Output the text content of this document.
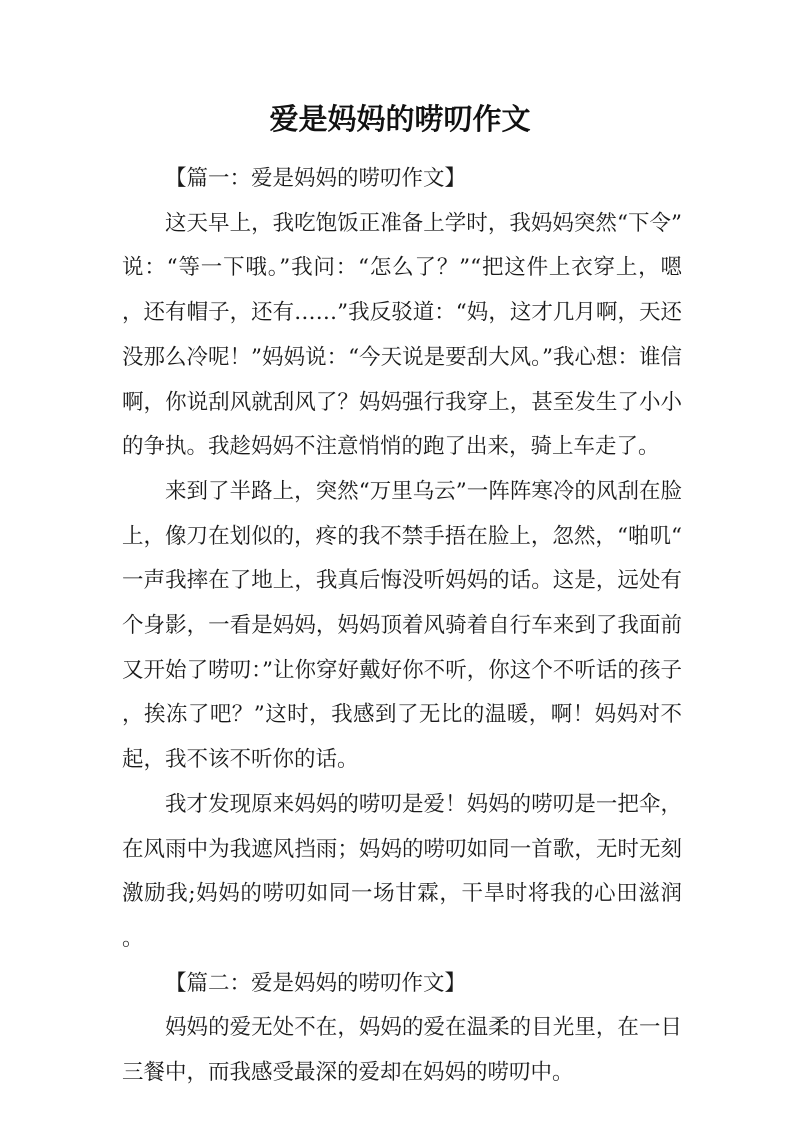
爱是妈妈的唠叨作文

【篇一：爱是妈妈的唠叨作文】

这天早上，我吃饱饭正准备上学时，我妈妈突然“下令”说：“等一下哦。”我问：“怎么了？”“把这件上衣穿上，嗯，还有帽子，还有……”我反驳道：“妈，这才几月啊，天还没那么冷呢！”妈妈说：“今天说是要刮大风。”我心想：谁信啊，你说刮风就刮风了？妈妈强行我穿上，甚至发生了小小的争执。我趁妈妈不注意悄悄的跑了出来，骑上车走了。

来到了半路上，突然“万里乌云”一阵阵寒冷的风刮在脸上，像刀在划似的，疼的我不禁手捂在脸上，忽然，“啪叽“一声我摔在了地上，我真后悔没听妈妈的话。这是，远处有个身影，一看是妈妈，妈妈顶着风骑着自行车来到了我面前又开始了唠叨：”让你穿好戴好你不听，你这个不听话的孩子，挨冻了吧？”这时，我感到了无比的温暖，啊！妈妈对不起，我不该不听你的话。

我才发现原来妈妈的唠叨是爱！妈妈的唠叨是一把伞，在风雨中为我遮风挡雨；妈妈的唠叨如同一首歌，无时无刻激励我;妈妈的唠叨如同一场甘霖，干旱时将我的心田滋润。

【篇二：爱是妈妈的唠叨作文】

妈妈的爱无处不在，妈妈的爱在温柔的目光里，在一日三餐中，而我感受最深的爱却在妈妈的唠叨中。
